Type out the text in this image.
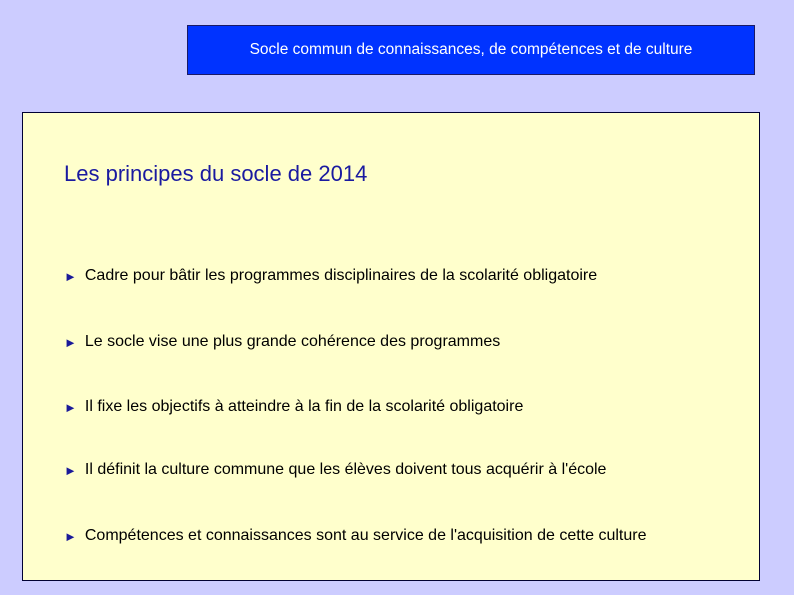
Socle commun de connaissances, de compétences et de culture
Les principes du socle de 2014
► Cadre pour bâtir les programmes disciplinaires de la scolarité obligatoire
► Le socle vise une plus grande cohérence des programmes
► Il fixe les objectifs à atteindre à la fin de la scolarité obligatoire
► Il définit la culture commune que les élèves doivent tous acquérir à l'école
► Compétences et connaissances sont au service de l'acquisition de cette culture
